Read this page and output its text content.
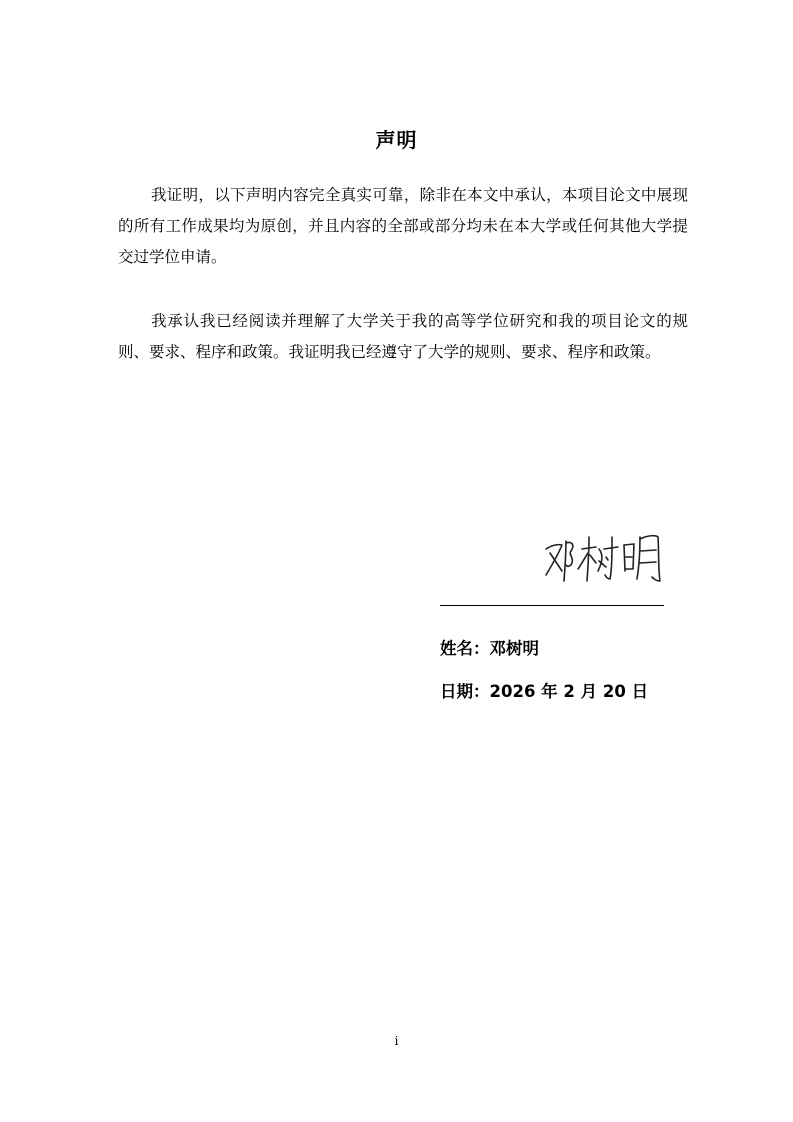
声明

我证明，以下声明内容完全真实可靠，除非在本文中承认，本项目论文中展现的所有工作成果均为原创，并且内容的全部或部分均未在本大学或任何其他大学提交过学位申请。

我承认我已经阅读并理解了大学关于我的高等学位研究和我的项目论文的规则、要求、程序和政策。我证明我已经遵守了大学的规则、要求、程序和政策。

姓名：邓树明
日期：2026 年 2 月 20 日
i
